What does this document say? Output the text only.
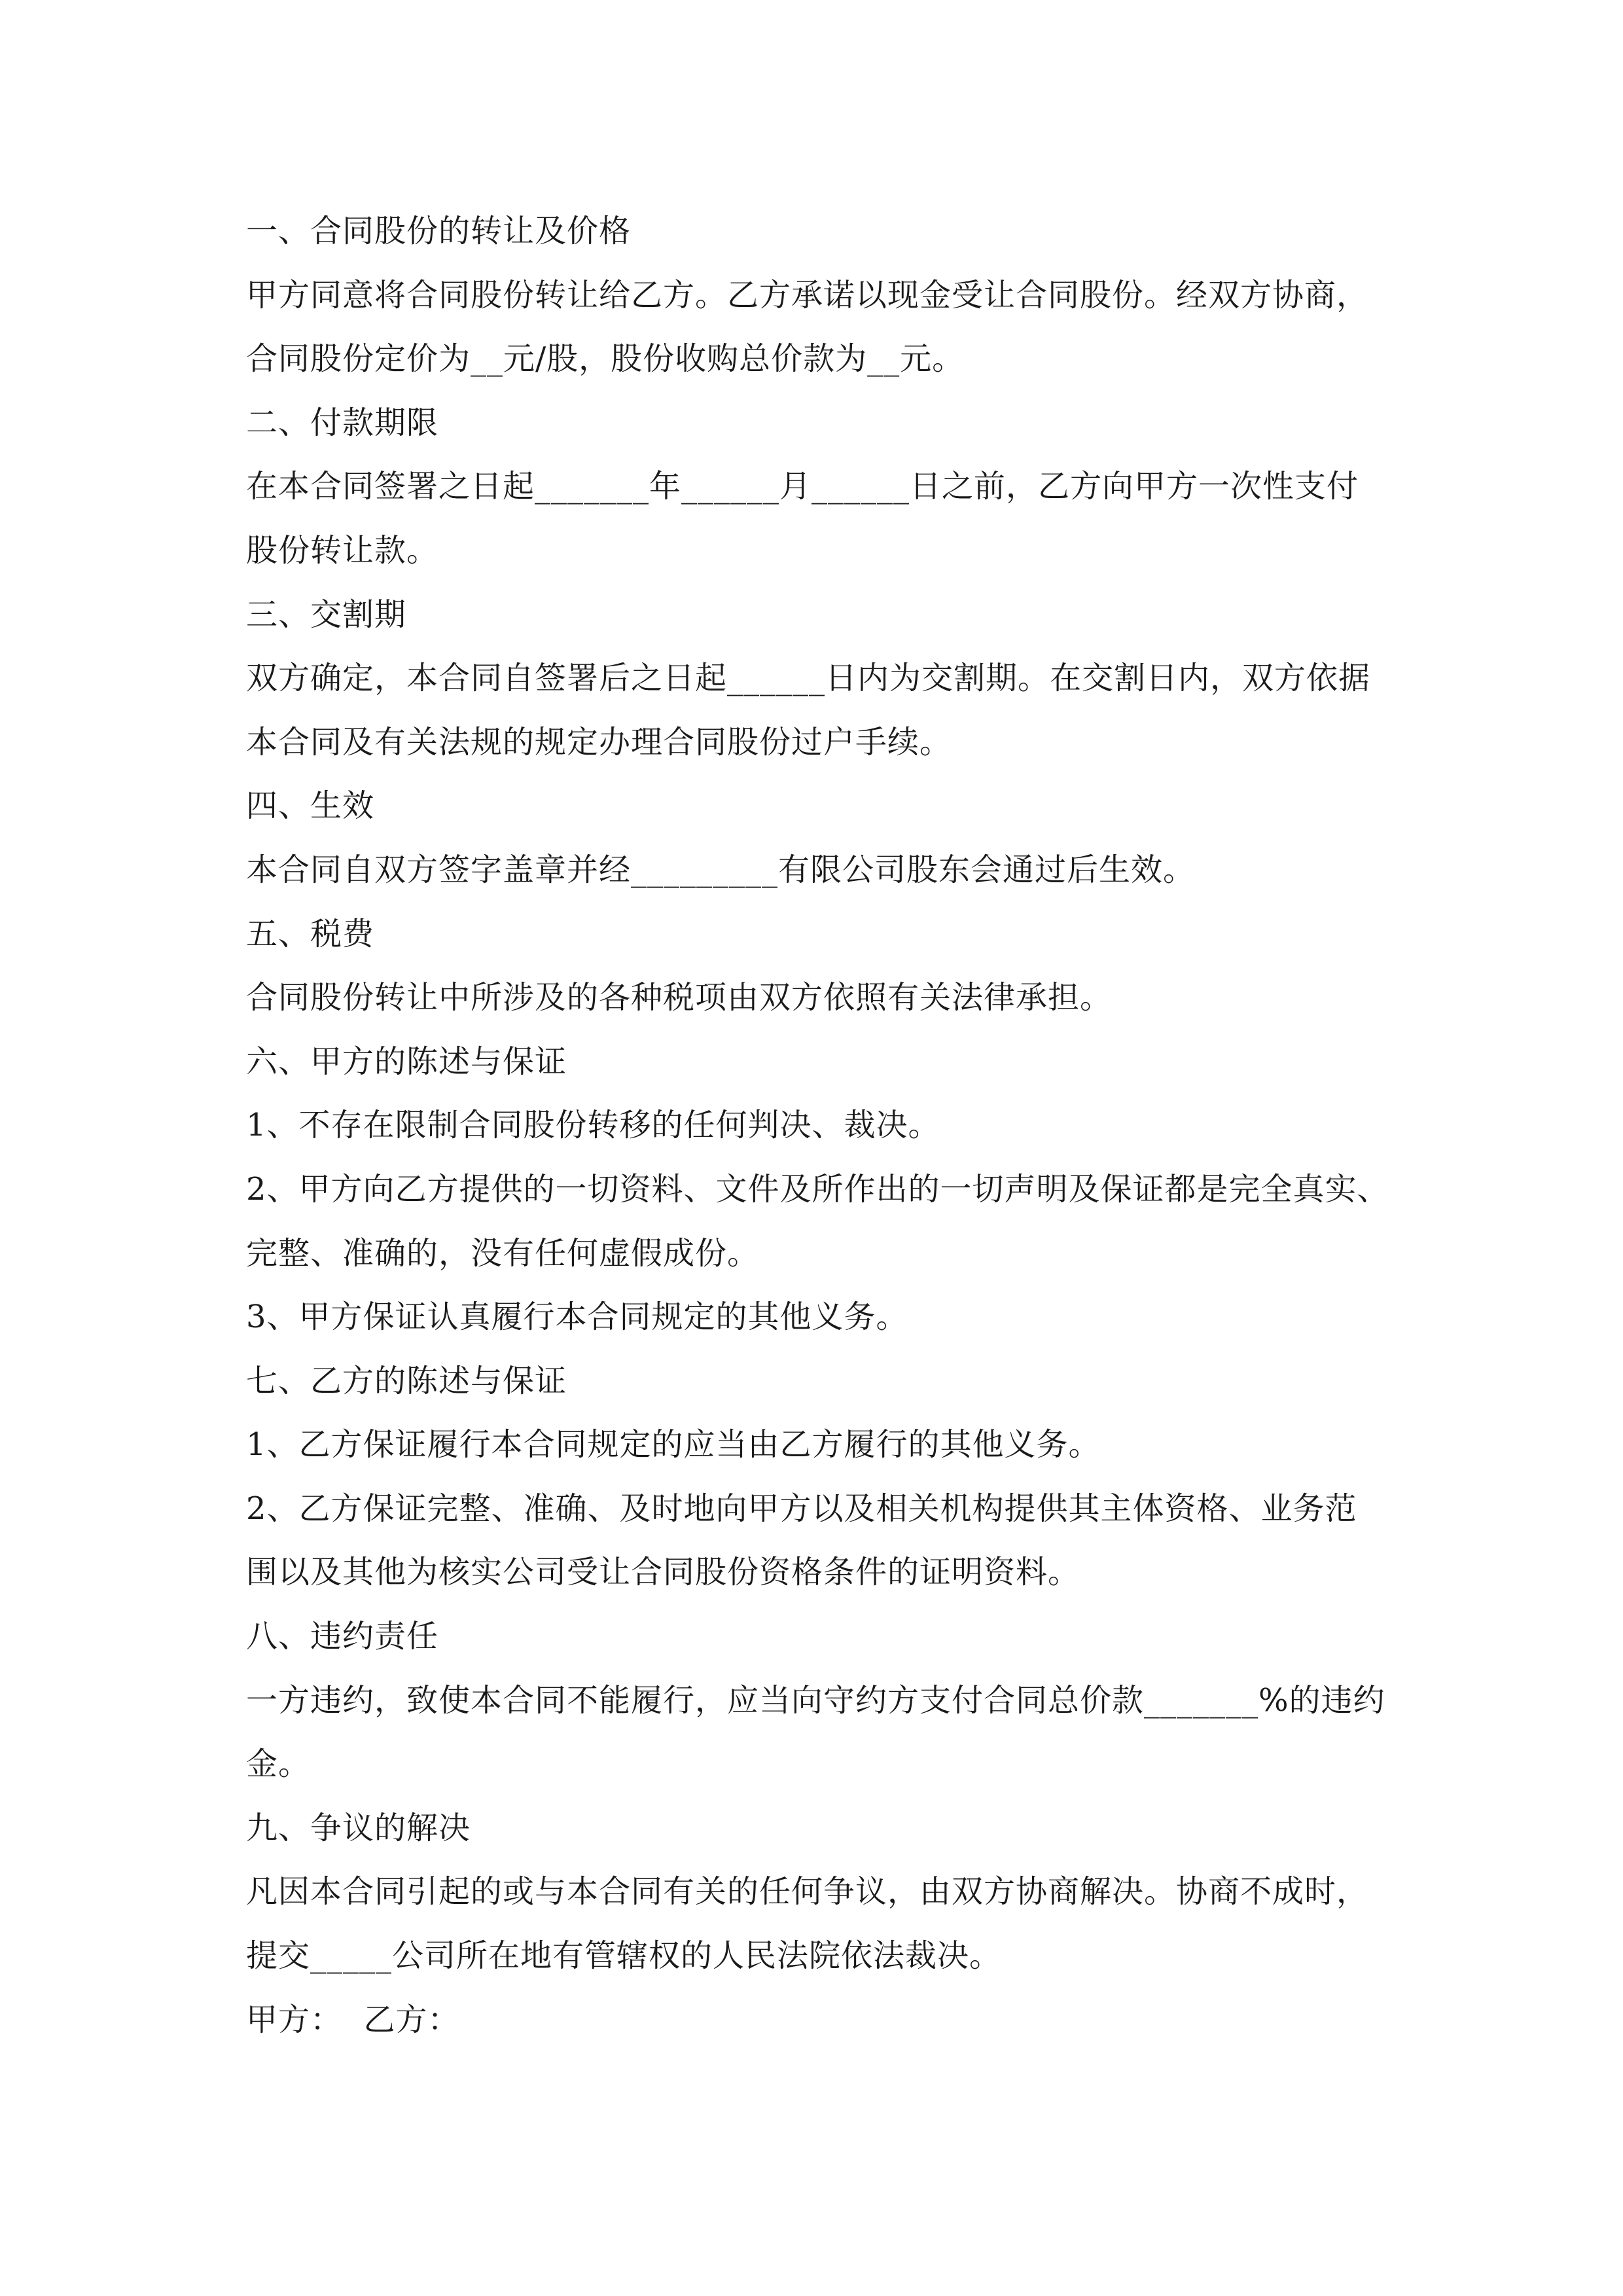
一、合同股份的转让及价格
甲方同意将合同股份转让给乙方。乙方承诺以现金受让合同股份。经双方协商，
合同股份定价为__元/股，股份收购总价款为__元。
二、付款期限
在本合同签署之日起_______年______月______日之前，乙方向甲方一次性支付
股份转让款。
三、交割期
双方确定，本合同自签署后之日起______日内为交割期。在交割日内，双方依据
本合同及有关法规的规定办理合同股份过户手续。
四、生效
本合同自双方签字盖章并经_________有限公司股东会通过后生效。
五、税费
合同股份转让中所涉及的各种税项由双方依照有关法律承担。
六、甲方的陈述与保证
1、不存在限制合同股份转移的任何判决、裁决。
2、甲方向乙方提供的一切资料、文件及所作出的一切声明及保证都是完全真实、
完整、准确的，没有任何虚假成份。
3、甲方保证认真履行本合同规定的其他义务。
七、乙方的陈述与保证
1、乙方保证履行本合同规定的应当由乙方履行的其他义务。
2、乙方保证完整、准确、及时地向甲方以及相关机构提供其主体资格、业务范
围以及其他为核实公司受让合同股份资格条件的证明资料。
八、违约责任
一方违约，致使本合同不能履行，应当向守约方支付合同总价款_______%的违约
金。
九、争议的解决
凡因本合同引起的或与本合同有关的任何争议，由双方协商解决。协商不成时，
提交_____公司所在地有管辖权的人民法院依法裁决。
甲方：  乙方：
